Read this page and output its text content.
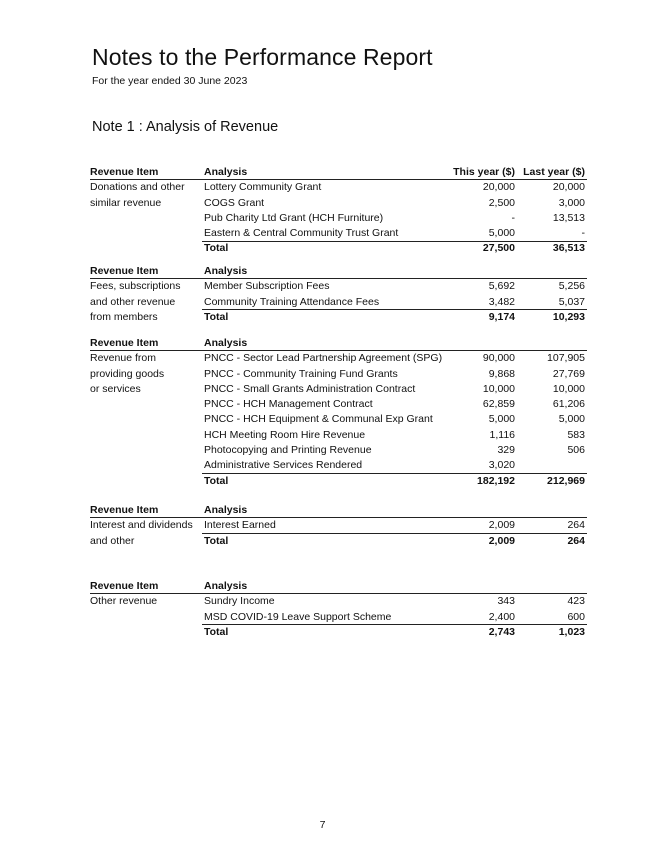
Notes to the Performance Report
For the year ended 30 June 2023
Note 1 : Analysis of Revenue
Revenue Item	Analysis	This year ($) Last year ($)
Donations and other
similar revenue
Lottery Community Grant	20,000	20,000
COGS Grant	2,500	3,000
Pub Charity Ltd Grant (HCH Furniture)	-	13,513
Eastern & Central Community Trust Grant	5,000	-
Total	27,500	36,513
Revenue Item	Analysis
Fees, subscriptions
and other revenue
from members
Member Subscription Fees	5,692	5,256
Community Training Attendance Fees	3,482	5,037
Total	9,174	10,293
Revenue Item	Analysis
Revenue from
providing goods
or services
PNCC - Sector Lead Partnership Agreement (SPG)	90,000	107,905
PNCC - Community Training Fund Grants	9,868	27,769
PNCC - Small Grants Administration Contract	10,000	10,000
PNCC - HCH Management Contract	62,859	61,206
PNCC - HCH Equipment & Communal Exp Grant	5,000	5,000
HCH Meeting Room Hire Revenue	1,116	583
Photocopying and Printing Revenue	329	506
Administrative Services Rendered	3,020
Total	182,192	212,969
Revenue Item	Analysis
Interest and dividends
and other
Interest Earned	2,009	264
Total	2,009	264
Revenue Item	Analysis
Other revenue	Sundry Income	343	423
MSD COVID-19 Leave Support Scheme	2,400	600
Total	2,743	1,023
7
